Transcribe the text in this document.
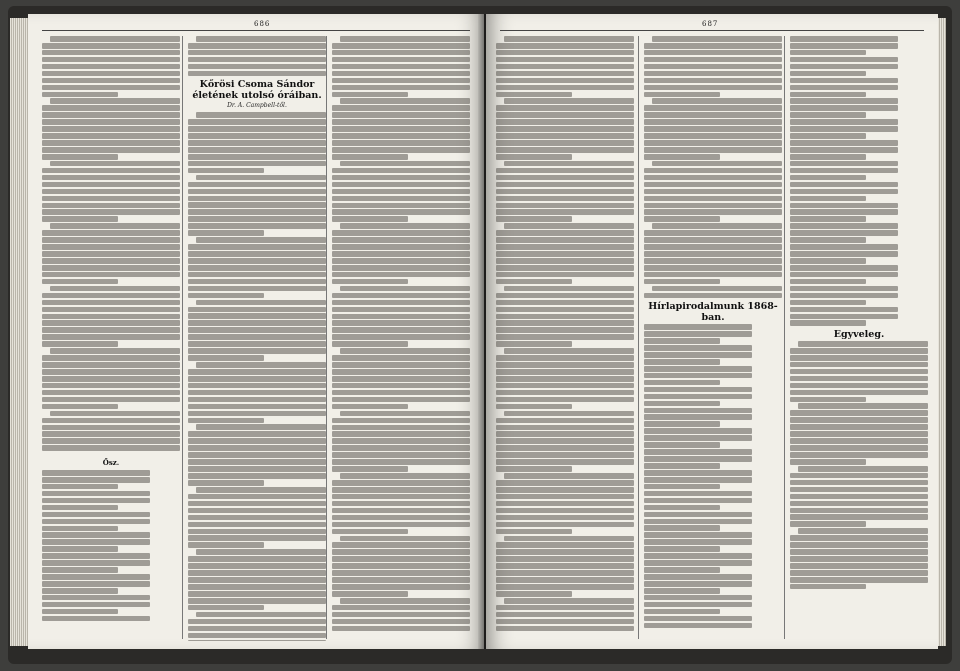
686
Kőrösi Csoma Sándor életének utolsó óráiban.
Dr. A. Campbell-től.
Ősz.
687
Hírlapirodalmunk 1868-ban.
Egyveleg.
